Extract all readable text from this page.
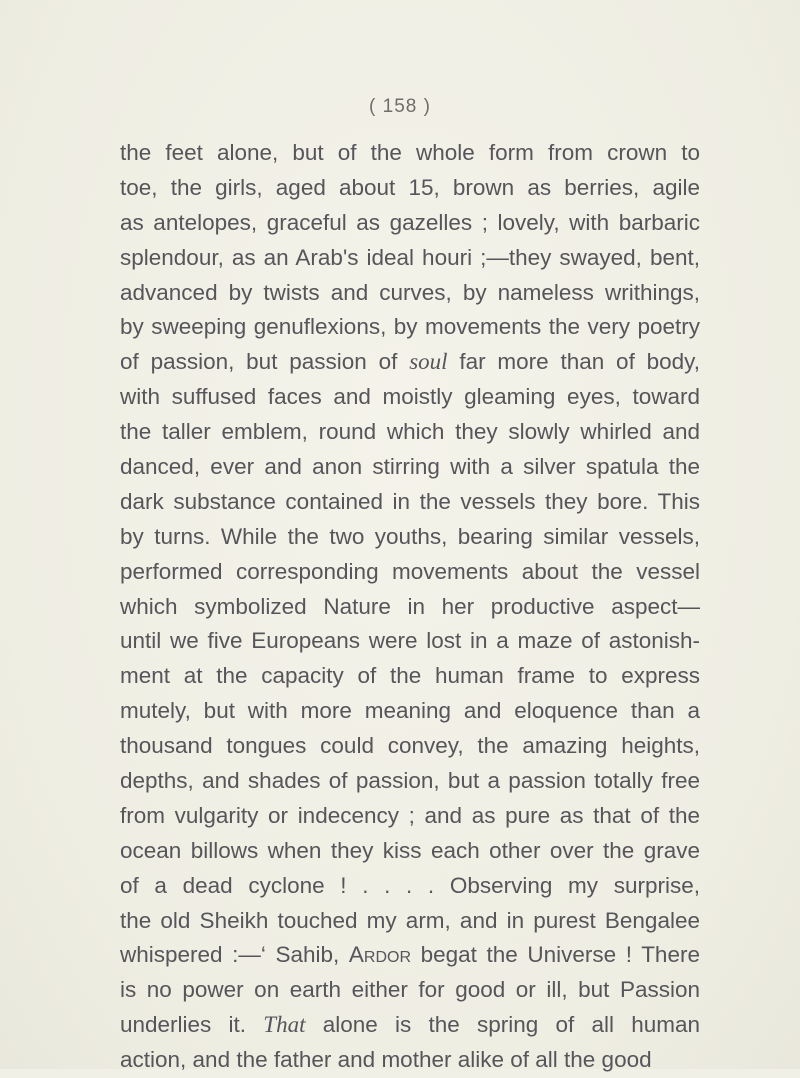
( 158 )
the feet alone, but of the whole form from crown to
toe, the girls, aged about 15, brown as berries, agile
as antelopes, graceful as gazelles ; lovely, with barbaric
splendour, as an Arab's ideal houri ;—they swayed, bent,
advanced by twists and curves, by nameless writhings,
by sweeping genuflexions, by movements the very poetry
of passion, but passion of soul far more than of body,
with suffused faces and moistly gleaming eyes, toward
the taller emblem, round which they slowly whirled and
danced, ever and anon stirring with a silver spatula the
dark substance contained in the vessels they bore. This
by turns. While the two youths, bearing similar vessels,
performed corresponding movements about the vessel
which symbolized Nature in her productive aspect—
until we five Europeans were lost in a maze of astonish-
ment at the capacity of the human frame to express
mutely, but with more meaning and eloquence than a
thousand tongues could convey, the amazing heights,
depths, and shades of passion, but a passion totally free
from vulgarity or indecency ; and as pure as that of the
ocean billows when they kiss each other over the grave
of a dead cyclone ! . . . . Observing my surprise,
the old Sheikh touched my arm, and in purest Bengalee
whispered :—‘ Sahib, Ardor begat the Universe ! There
is no power on earth either for good or ill, but Passion
underlies it. That alone is the spring of all human
action, and the father and mother alike of all the good
